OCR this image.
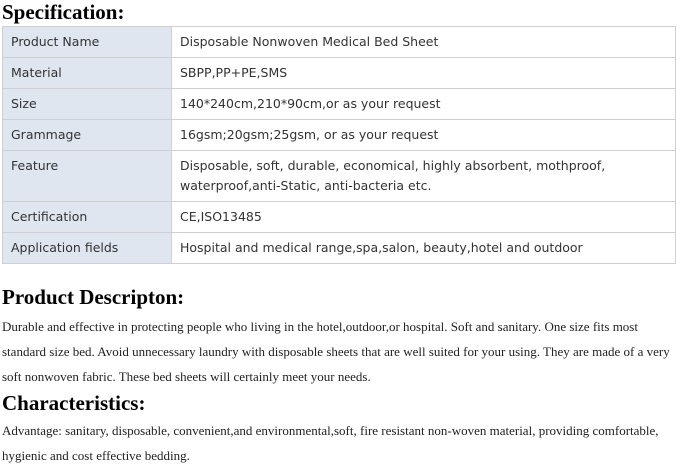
Specification:
Product Name	Disposable Nonwoven Medical Bed Sheet
Material	SBPP,PP+PE,SMS
Size	140*240cm,210*90cm,or as your request
Grammage	16gsm;20gsm;25gsm, or as your request
Feature	Disposable, soft, durable, economical, highly absorbent, mothproof, waterproof,anti-Static, anti-bacteria etc.
Certification	CE,ISO13485
Application fields	Hospital and medical range,spa,salon, beauty,hotel and outdoor
Product Descripton:

Durable and effective in protecting people who living in the hotel,outdoor,or hospital. Soft and sanitary. One size fits most standard size bed. Avoid unnecessary laundry with disposable sheets that are well suited for your using. They are made of a very soft nonwoven fabric. These bed sheets will certainly meet your needs.

Characteristics:

Advantage: sanitary, disposable, convenient,and environmental,soft, fire resistant non-woven material, providing comfortable, hygienic and cost effective bedding.
